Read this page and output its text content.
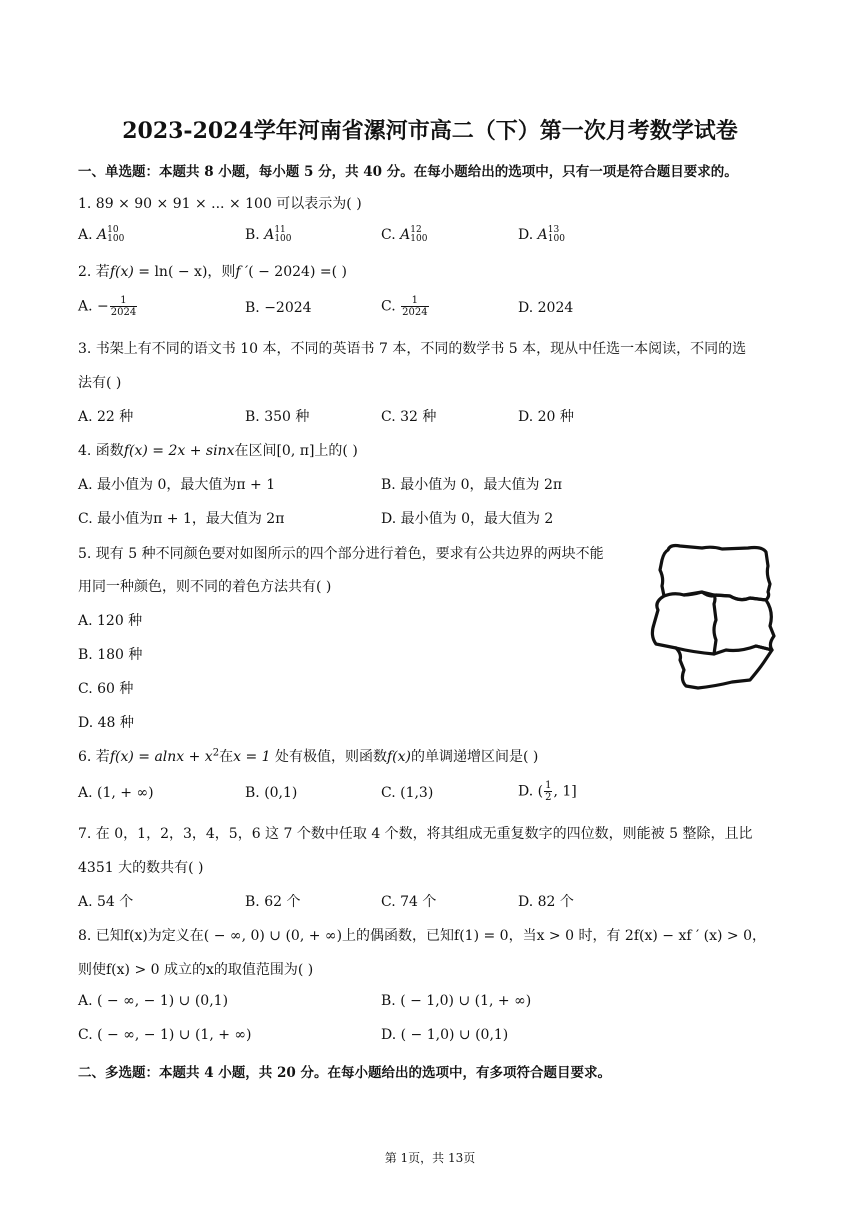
2023-2024学年河南省漯河市高二（下）第一次月考数学试卷
一、单选题：本题共 8 小题，每小题 5 分，共 40 分。在每小题给出的选项中，只有一项是符合题目要求的。
1. 89 × 90 × 91 × ... × 100 可以表示为( )
A. A 10
100	B. A 11
100	C. A 12
100	D. A 13
100
2. 若f(x) = ln( − x)，则f ′( − 2024) =( )
A. − $\frac{1}{2024}$	B. −2024	C. $\frac{1}{2024}$	D. 2024
3. 书架上有不同的语文书 10 本，不同的英语书 7 本，不同的数学书 5 本，现从中任选一本阅读，不同的选
法有( )
A. 22 种	B. 350 种	C. 32 种	D. 20 种
4. 函数f(x) = 2x + sinx在区间[0, π]上的( )
A. 最小值为 0，最大值为π + 1	B. 最小值为 0，最大值为 2π
C. 最小值为π + 1，最大值为 2π	D. 最小值为 0，最大值为 2
5. 现有 5 种不同颜色要对如图所示的四个部分进行着色，要求有公共边界的两块不能
用同一种颜色，则不同的着色方法共有( )
A. 120 种
B. 180 种
C. 60 种
D. 48 种
6. 若$f(x) = alnx + x^2$在x = 1 处有极值，则函数f(x)的单调递增区间是( )
A. (1, + ∞)	B. (0,1)	C. (1,3)	D. ( $\frac{1}{2}$ , 1]
7. 在 0，1，2，3，4，5，6 这 7 个数中任取 4 个数，将其组成无重复数字的四位数，则能被 5 整除，且比
4351 大的数共有( )
A. 54 个	B. 62 个	C. 74 个	D. 82 个
8. 已知f(x)为定义在( − ∞, 0) ∪ (0, + ∞)上的偶函数，已知f(1) = 0，当x > 0 时，有 2f(x) − xf ′ (x) > 0，
则使f(x) > 0 成立的x的取值范围为( )
A. ( − ∞, − 1) ∪ (0,1)	B. ( − 1,0) ∪ (1, + ∞)
C. ( − ∞, − 1) ∪ (1, + ∞)	D. ( − 1,0) ∪ (0,1)
二、多选题：本题共 4 小题，共 20 分。在每小题给出的选项中，有多项符合题目要求。
第 1页，共 13页
